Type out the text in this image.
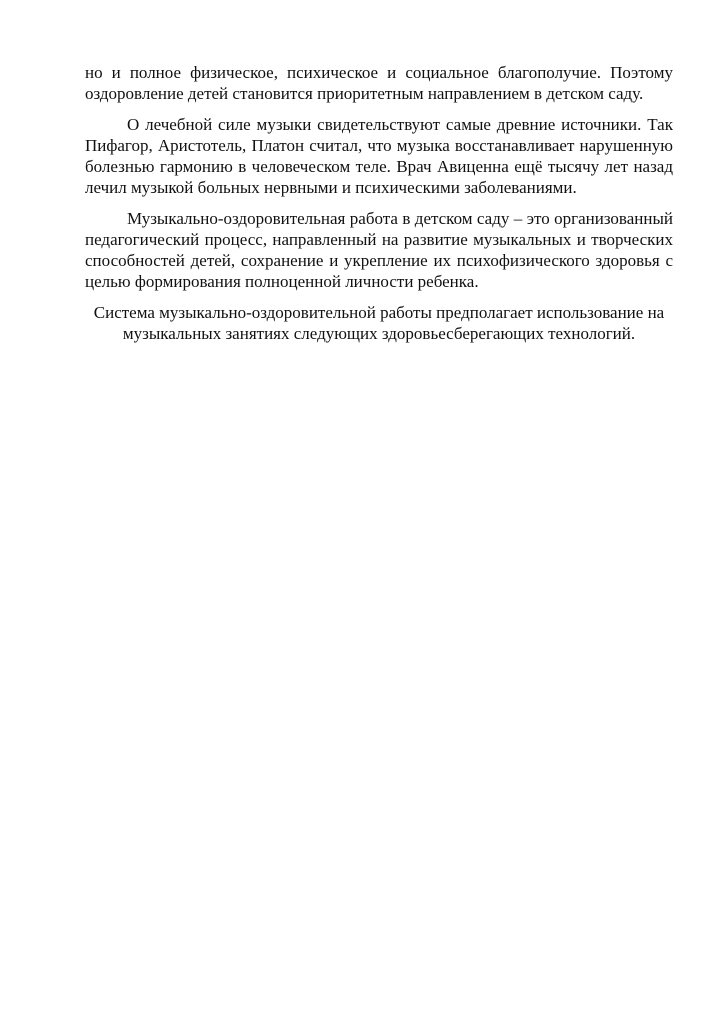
но и полное физическое, психическое и социальное благополучие. Поэтому оздоровление детей становится приоритетным направлением в детском саду.

О лечебной силе музыки свидетельствуют самые древние источники. Так Пифагор, Аристотель, Платон считал, что музыка восстанавливает нарушенную болезнью гармонию в человеческом теле. Врач Авиценна ещё тысячу лет назад лечил музыкой больных нервными и психическими заболеваниями.

Музыкально-оздоровительная работа в детском саду – это организованный педагогический процесс, направленный на развитие музыкальных и творческих способностей детей, сохранение и укрепление их психофизического здоровья с целью формирования полноценной личности ребенка.

Система музыкально-оздоровительной работы предполагает использование на музыкальных занятиях следующих здоровьесберегающих технологий.
